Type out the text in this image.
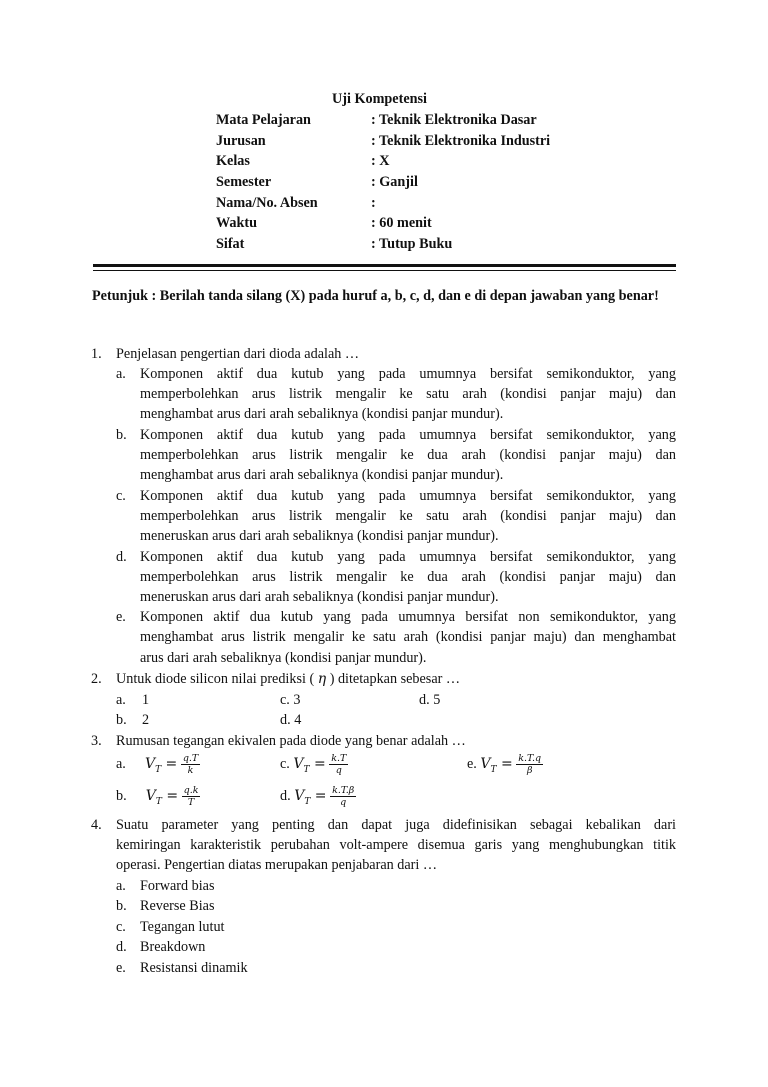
Uji Kompetensi
Mata Pelajaran	: Teknik Elektronika Dasar
Jurusan	: Teknik Elektronika Industri
Kelas	: X
Semester	: Ganjil
Nama/No. Absen	:
Waktu	: 60 menit
Sifat	: Tutup Buku
Petunjuk : Berilah tanda silang (X) pada huruf a, b, c, d, dan e di depan jawaban yang benar!
1. Penjelasan pengertian dari dioda adalah …
a. Komponen aktif dua kutub yang pada umumnya bersifat semikonduktor, yang
memperbolehkan arus listrik mengalir ke satu arah (kondisi panjar maju) dan
menghambat arus dari arah sebaliknya (kondisi panjar mundur).
b. Komponen aktif dua kutub yang pada umumnya bersifat semikonduktor, yang
memperbolehkan arus listrik mengalir ke dua arah (kondisi panjar maju) dan
menghambat arus dari arah sebaliknya (kondisi panjar mundur).
c. Komponen aktif dua kutub yang pada umumnya bersifat semikonduktor, yang
memperbolehkan arus listrik mengalir ke satu arah (kondisi panjar maju) dan
meneruskan arus dari arah sebaliknya (kondisi panjar mundur).
d. Komponen aktif dua kutub yang pada umumnya bersifat semikonduktor, yang
memperbolehkan arus listrik mengalir ke dua arah (kondisi panjar maju) dan
meneruskan arus dari arah sebaliknya (kondisi panjar mundur).
e. Komponen aktif dua kutub yang pada umumnya bersifat non semikonduktor, yang
menghambat arus listrik mengalir ke satu arah (kondisi panjar maju) dan menghambat
arus dari arah sebaliknya (kondisi panjar mundur).
2. Untuk diode silicon nilai prediksi ( η ) ditetapkan sebesar …
a. 1	c. 3	d. 5
b. 2	d. 4
3. Rumusan tegangan ekivalen pada diode yang benar adalah …
a. $V_T = \frac{q.T}{k}$	c. $V_T = \frac{k.T}{q}$	e. $V_T = \frac{k.T.q}{\beta}$
b. $V_T = \frac{q.k}{T}$	d. $V_T = \frac{k.T.\beta}{q}$
4. Suatu parameter yang penting dan dapat juga didefinisikan sebagai kebalikan dari
kemiringan karakteristik perubahan volt-ampere disemua garis yang menghubungkan titik
operasi. Pengertian diatas merupakan penjabaran dari …
a. Forward bias
b. Reverse Bias
c. Tegangan lutut
d. Breakdown
e. Resistansi dinamik
